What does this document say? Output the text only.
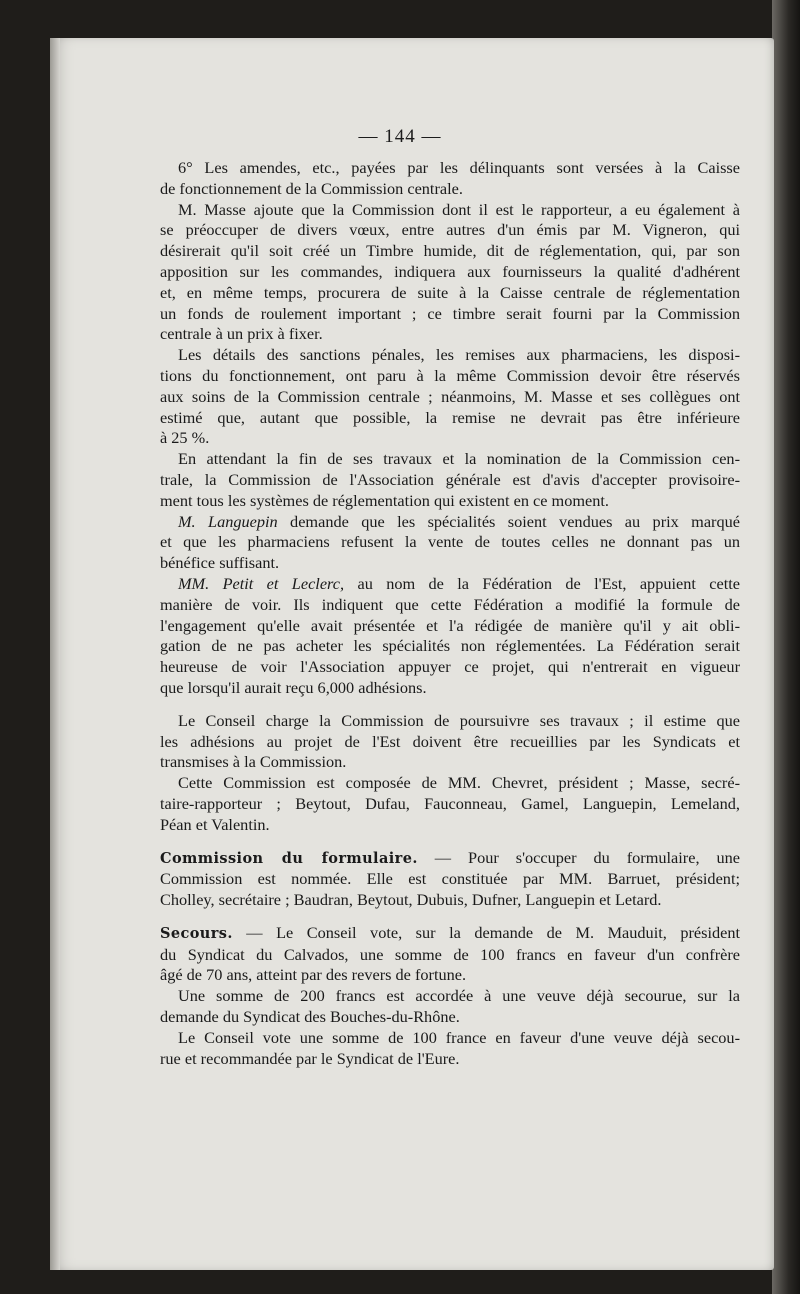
— 144 —
6° Les amendes, etc., payées par les délinquants sont versées à la Caisse
de fonctionnement de la Commission centrale.
M. Masse ajoute que la Commission dont il est le rapporteur, a eu également à
se préoccuper de divers vœux, entre autres d'un émis par M. Vigneron, qui
désirerait qu'il soit créé un Timbre humide, dit de réglementation, qui, par son
apposition sur les commandes, indiquera aux fournisseurs la qualité d'adhérent
et, en même temps, procurera de suite à la Caisse centrale de réglementation
un fonds de roulement important ; ce timbre serait fourni par la Commission
centrale à un prix à fixer.
Les détails des sanctions pénales, les remises aux pharmaciens, les disposi-
tions du fonctionnement, ont paru à la même Commission devoir être réservés
aux soins de la Commission centrale ; néanmoins, M. Masse et ses collègues ont
estimé que, autant que possible, la remise ne devrait pas être inférieure
à 25 %.
En attendant la fin de ses travaux et la nomination de la Commission cen-
trale, la Commission de l'Association générale est d'avis d'accepter provisoire-
ment tous les systèmes de réglementation qui existent en ce moment.
M. Languepin demande que les spécialités soient vendues au prix marqué
et que les pharmaciens refusent la vente de toutes celles ne donnant pas un
bénéfice suffisant.
MM. Petit et Leclerc, au nom de la Fédération de l'Est, appuient cette
manière de voir. Ils indiquent que cette Fédération a modifié la formule de
l'engagement qu'elle avait présentée et l'a rédigée de manière qu'il y ait obli-
gation de ne pas acheter les spécialités non réglementées. La Fédération serait
heureuse de voir l'Association appuyer ce projet, qui n'entrerait en vigueur
que lorsqu'il aurait reçu 6,000 adhésions.
Le Conseil charge la Commission de poursuivre ses travaux ; il estime que
les adhésions au projet de l'Est doivent être recueillies par les Syndicats et
transmises à la Commission.
Cette Commission est composée de MM. Chevret, président ; Masse, secré-
taire-rapporteur ; Beytout, Dufau, Fauconneau, Gamel, Languepin, Lemeland,
Péan et Valentin.
Commission du formulaire. — Pour s'occuper du formulaire, une
Commission est nommée. Elle est constituée par MM. Barruet, président;
Cholley, secrétaire ; Baudran, Beytout, Dubuis, Dufner, Languepin et Letard.
Secours. — Le Conseil vote, sur la demande de M. Mauduit, président
du Syndicat du Calvados, une somme de 100 francs en faveur d'un confrère
âgé de 70 ans, atteint par des revers de fortune.
Une somme de 200 francs est accordée à une veuve déjà secourue, sur la
demande du Syndicat des Bouches-du-Rhône.
Le Conseil vote une somme de 100 france en faveur d'une veuve déjà secou-
rue et recommandée par le Syndicat de l'Eure.
